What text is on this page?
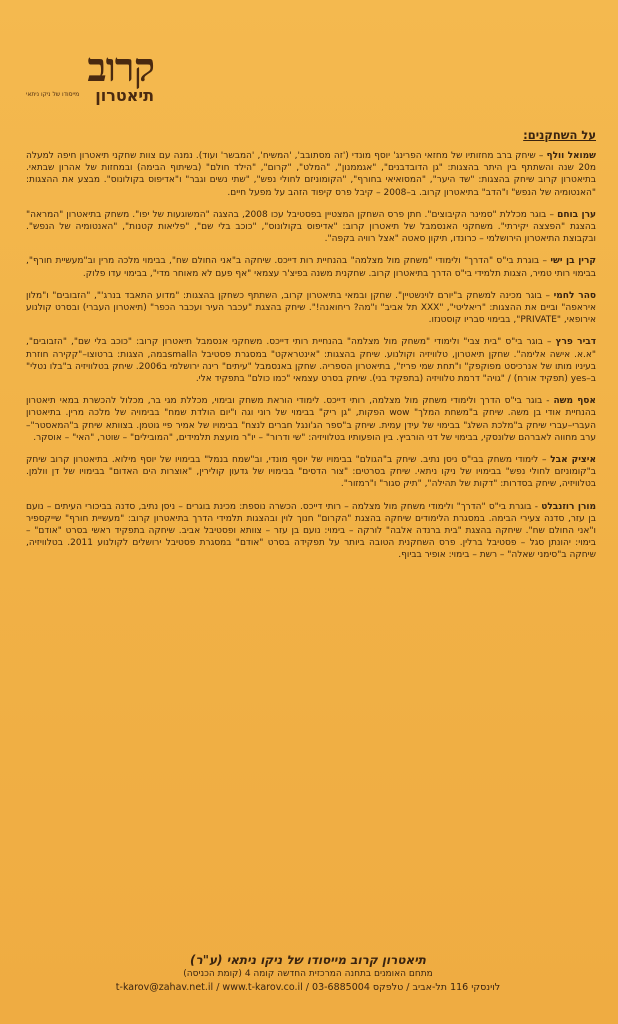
קרוב
תיאטרון
מייסודו של ניקו ניתאי
על השחקנים:

שמואל וולף – שיחק ברב מחזותיו של מחזאי הפרינג' יוסף מונדי ('זה מסתובב', 'המשיח', 'המבשר' ועוד). נמנה עם צוות שחקני תיאטרון חיפה למעלה מ20 שנה והשתתף בין היתר בהצגות: "גן הדובדבנים", "אגממנון", "המלט", "קרום", "הילד חולם" (בשיתוף הבימה) ובמחזות של אהרון שבתאי. בתיאטרון קרוב שיחק בהצגות: "שד היער", "המסואיאי בחורף", "הקומוניזם לחולי נפש", "שתי נשים וגבר" ו"אדיפוס בקולונוס". מבצע את ההצגות: "האנטומיה של הנפש" ו"הדב" בתיאטרון קרוב. ב–2008 – קיבל פרס קיפוד הזהב על מפעל חיים.

ערן בוחם – בוגר מכללת "סמינר הקיבוצים". חתן פרס השחקן המצטיין בפסטיבל עכו 2008, בהצגה "המשוגעות של יפו". משחק בתיאטרון "המראה" בהצגת "הפצצה יקירתי". משחקני האנסמבל של תיאטרון קרוב: "אדיפוס בקולונוס", "כוכב בלי שם", "פליאות קטנות", "האנטומיה של הנפש". ובקבוצת התיאטרון הירושלמי – כרונדו, תיקון סאטה "אצל רוויה בקפה".

קרין בן ישי – בוגרת בי"ס "הדרך" ולימודי "משחק מול מצלמה" בהנחיית רות דייכס. שיחקה ב"אני החולם שח", בבימוי מלכה מרין וב"מעשיית חורף", בבימוי רותי טמיר, הצגות תלמידי בי"ס הדרך בתיאטרון קרוב. שחקנית משנה בפיצ'ר עצמאי "אף פעם לא מאוחר מדי", בבימוי עדו פלוק.

סהר לחמי – בוגר מכינה למשחק ב"יורם לוינשטיין". שחקן ובמאי בתיאטרון קרוב, השתתף כשחקן בהצגות: "מדוע התאבד בנרג'", "הזבובים" ו"מלון איראפה" וביים את ההצגות: "ריאליטי", "XXX תל אביב" ו"מה? ריחואנה!". שיחק בהצגת "עכבר העיר ועכבר הכפר" (תיאטרון העברי) ובסרט קולנוע אירופאי, "PRIVATE", בבימוי סבריו קוסטנזו.

דביר פרץ – בוגר בי"ס "בית צבי" ולימודי "משחק מול מצלמה" בהנחיית רותי דייכס. משחקני אנסמבל תיאטרון קרוב: "כוכב בלי שם", "הזבובים", "א.א. אישה אלימה". שחקן תיאטרון, טלוויזיה וקולנוע. שיחק בהצגות: "אינטראקט" במסגרת פסטיבל הsmallבמה, הצגות: ברטוצו–"קקירה חוזרת בעיניו מותו של אנרכיסט מפוקפק" ו"תחת שמי פריז", בתיאטרון הספריה. שחקן באנסמבל "עיתים" רינה ירושלמי ב2006. שיחק בטלוויזיה ב"בלו נטלי" ב–yes (תפקיד אורח) / "גויה" דרמת טלוויזיה (בתפקיד בני). שיחק בסרט עצמאי "כמו כולם" בתפקיד אלי.

אסף משה - בוגר בי"ס הדרך ולימודי משחק מול מצלמה, רותי דייכס. לימודי הוראת משחק ובימוי, מכללת מגי בר, מכלול להכשרת במאי תיאטרון בהנחיית אודי בן משה. שיחק ב"משחת המלך" wow הפקות, "גן ריק" בבימוי של רוני וגה ו"יום הולדת שמח" בבימויה של מלכה מרין. בתיאטרון העברי–עברי שיחק ב"מלכת השלג" בבימוי של עידן עמית. שיחק ב"ספר הג'ונגל חברים לנצח" בבימויו של אמיר פיי גוטמן. בצוותא שיחק ב"המאסטר"–ערב מחווה לאברהם שלונסקי, בבימוי של דני הורביץ. בין הופעותיו בטלוויזיה: "שי ודרור" – יו"ר מועצת תלמידים, "המובילים" – שוטר, "האי" – אוסקר.

איציק אבל – לימודי משחק בבי"ס ניסן נתיב. שיחק ב"הגולם" בבימויו של יוסף מונדי, וב"שמח בנמל" בבימויו של יוסף מילוא. בתיאטרון קרוב שיחק ב"קומוניזם לחולי נפש" בבימויו של ניקו ניתאי. שיחק בסרטים: "צור הדסים" בבימויו של גדעון קולירין, "אוצרות הים האדום" בבימויו של דן וולמן. בטלוויזיה, שיחק בסדרות: "דקות של תהילה", "תיק סגור" ו"רמזור".

מורן רוזנבלט - בוגרת בי"ס "הדרך" ולימודי משחק מול מצלמה – רותי דייכס. הכשרה נוספת: מכינת בוגרים – ניסן נתיב, סדנה בביכורי העיתים – נועם בן עזר, סדנה צעירי הבימה. במסגרת הלימודים שיחקה בהצגת "הקרום" חנוך לוין ובהצגות תלמידי הדרך בתיאטרון קרוב: "מעשיית חורף" שייקספיר ו"אני החולם שח". שיחקה בהצגת "בית ברנדה אלבה" לורקה – בימוי: נועם בן עזר – צוותא ופסטיבל אביב. שיחקה בתפקיד ראשי בסרט "אודם" – בימוי: יהונתן סגל – פסטיבל ברלין. פרס השחקנית הטובה ביותר על תפקידה בסרט "אודם" במסגרת פסטיבל ירושלים לקולנוע 2011. בטלוויזיה, שיחקה ב"סימני שאלה" – רשת – בימוי: אופיר בביוף.

תיאטרון קרוב מייסודו של ניקו ניתאי (ע"ר)
מתחם האומנים בתחנה המרכזית החדשה קומה 4 (קומת הכניסה)
לוינסקי 116 תל-אביב / טלפקס 03-6885004 / t-karov@zahav.net.il / www.t-karov.co.il
